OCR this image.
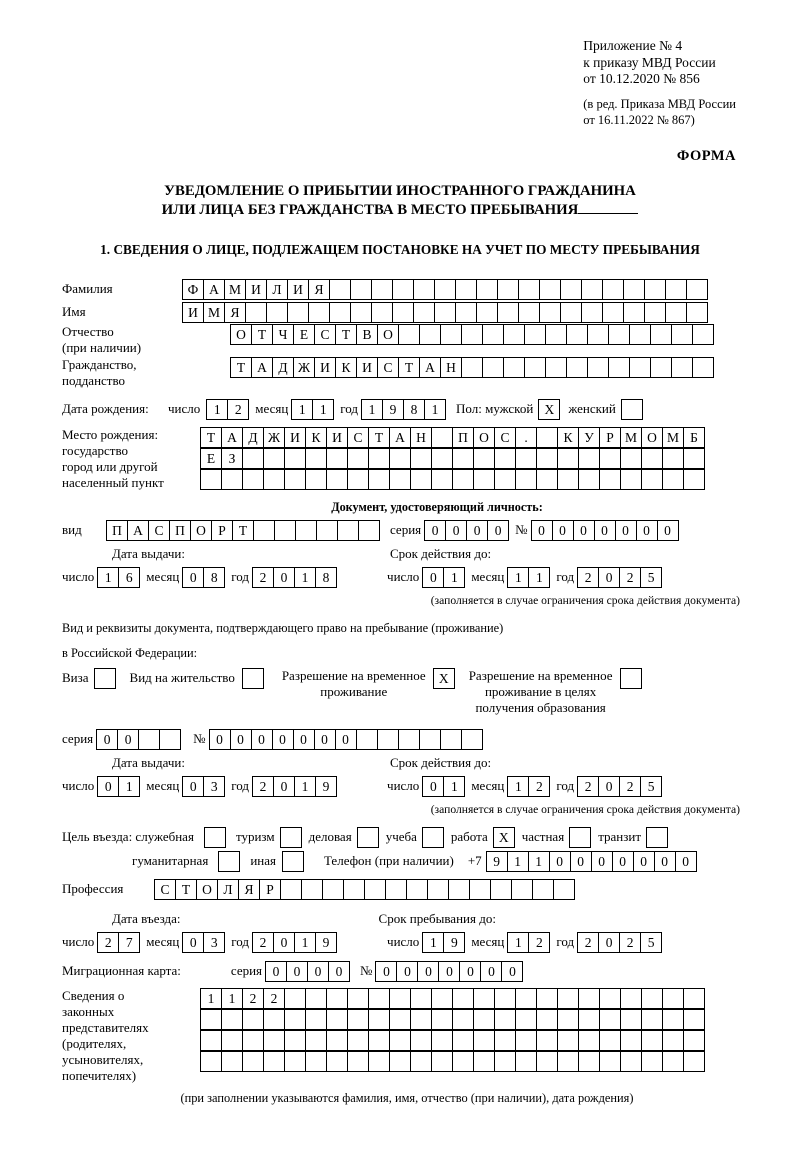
Приложение № 4
к приказу МВД России
от 10.12.2020 № 856
(в ред. Приказа МВД России
от 16.11.2022 № 867)
ФОРМА
УВЕДОМЛЕНИЕ О ПРИБЫТИИ ИНОСТРАННОГО ГРАЖДАНИНА
ИЛИ ЛИЦА БЕЗ ГРАЖДАНСТВА В МЕСТО ПРЕБЫВАНИЯ
1. СВЕДЕНИЯ О ЛИЦЕ, ПОДЛЕЖАЩЕМ ПОСТАНОВКЕ НА УЧЕТ ПО МЕСТУ ПРЕБЫВАНИЯ
Фамилия	Ф А М И Л И Я
Имя	И М Я
Отчество
(при наличии)
О Т Ч Е С Т В О
Гражданство,
подданство
Т А Д Ж И К И С Т А Н
Дата рождения:	число	1	2	месяц 1	1	год 1	9	8	1	Пол: мужской X	женский
Место рождения:
государство
город или другой
населенный пункт
Т А Д Ж И К И С Т А Н	П О С	.	К У Р М О М Б
Е З
Документ, удостоверяющий личность:
вид	П А С П О Р Т	серия 0	0	0	0	№ 0	0	0	0	0	0	0
Дата выдачи:	Срок действия до:
число 1	6	месяц 0	8	год 2	0	1	8	число 0	1	месяц 1	1	год 2	0	2	5
(заполняется в случае ограничения срока действия документа)
Вид и реквизиты документа, подтверждающего право на пребывание (проживание)
в Российской Федерации:
Виза	Вид на жительство	Разрешение на временное
проживание
X	Разрешение на временное
проживание в целях
получения образования
серия 0	0	№ 0	0	0	0	0	0	0
Дата выдачи:	Срок действия до:
число 0	1	месяц 0	3	год 2	0	1	9	число 0	1	месяц 1	2	год 2	0	2	5
(заполняется в случае ограничения срока действия документа)
Цель въезда: служебная	туризм	деловая	учеба	работа X	частная	транзит
гуманитарная	иная	Телефон (при наличии) +7 9	1	1	0	0	0	0	0	0	0
Профессия	С Т О Л Я Р
Дата въезда:	Срок пребывания до:
число 2	7	месяц 0	3	год 2	0	1	9	число 1	9	месяц 1	2	год 2	0	2	5
Миграционная карта:	серия 0	0	0	0	№ 0	0	0	0	0	0	0
Сведения о
законных
представителях
(родителях,
усыновителях,
попечителях)
1	1	2	2
(при заполнении указываются фамилия, имя, отчество (при наличии), дата рождения)
